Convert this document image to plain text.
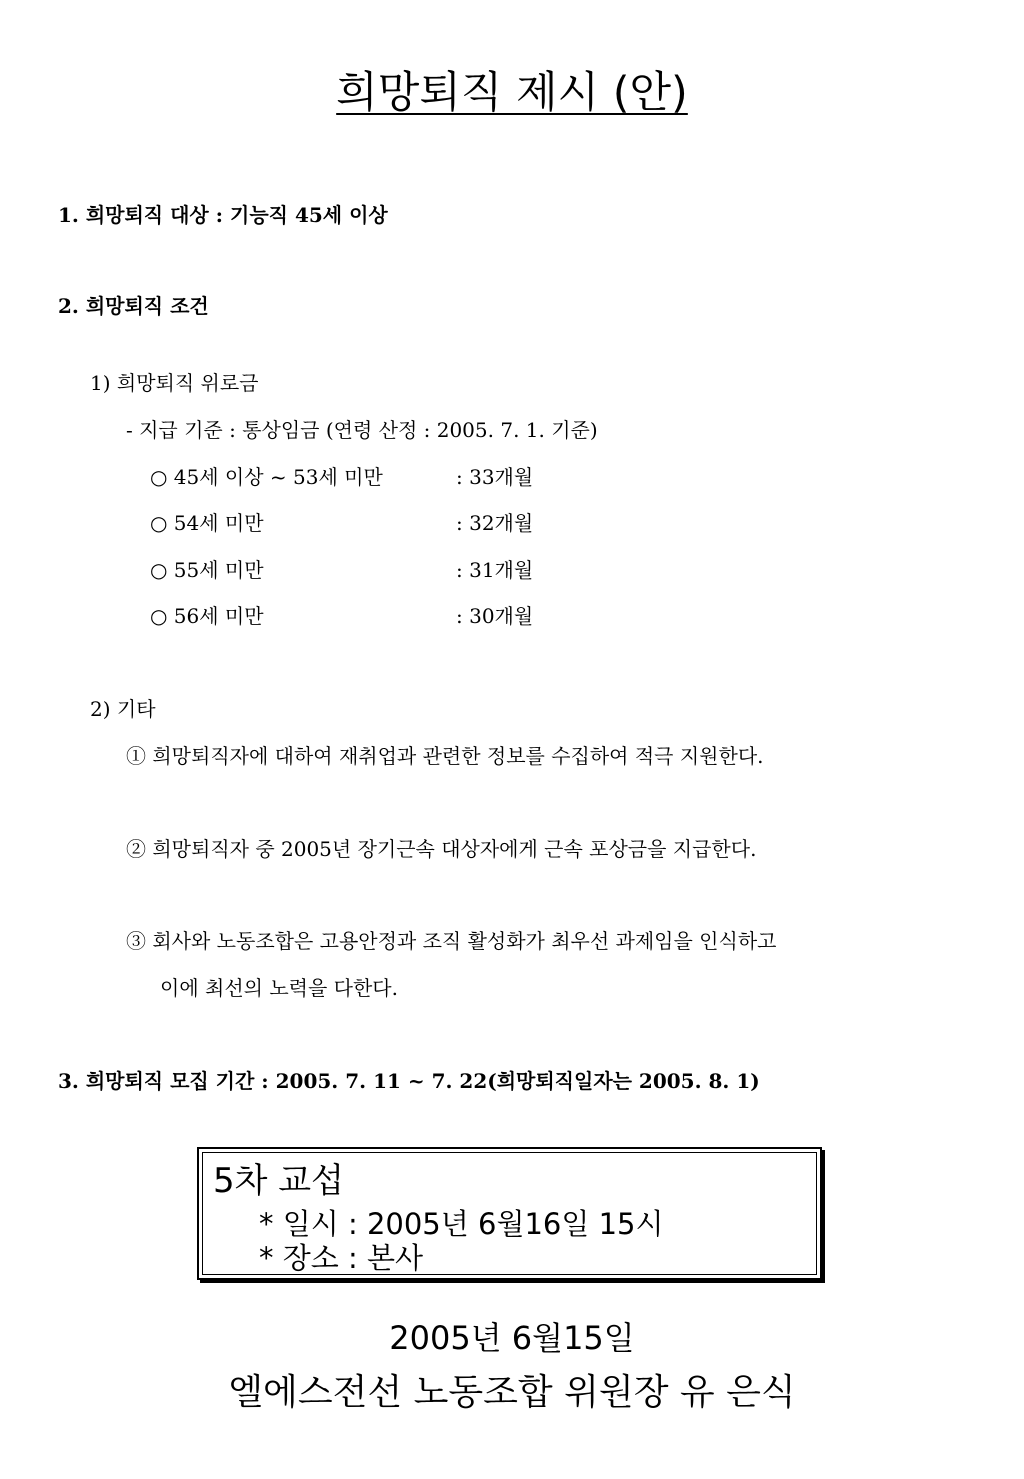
희망퇴직 제시 (안)
1. 희망퇴직 대상 : 기능직 45세 이상
2. 희망퇴직 조건
1) 희망퇴직 위로금
- 지급 기준 : 통상임금 (연령 산정 : 2005. 7. 1. 기준)
○ 45세 이상 ~ 53세 미만	: 33개월
○ 54세 미만	: 32개월
○ 55세 미만	: 31개월
○ 56세 미만	: 30개월
2) 기타
① 희망퇴직자에 대하여 재취업과 관련한 정보를 수집하여 적극 지원한다.
② 희망퇴직자 중 2005년 장기근속 대상자에게 근속 포상금을 지급한다.
③ 회사와 노동조합은 고용안정과 조직 활성화가 최우선 과제임을 인식하고
이에 최선의 노력을 다한다.
3. 희망퇴직 모집 기간 : 2005. 7. 11 ~ 7. 22(희망퇴직일자는 2005. 8. 1)
5차 교섭
* 일시 : 2005년 6월16일 15시
* 장소 : 본사
2005년 6월15일
엘에스전선 노동조합 위원장 유 은식
